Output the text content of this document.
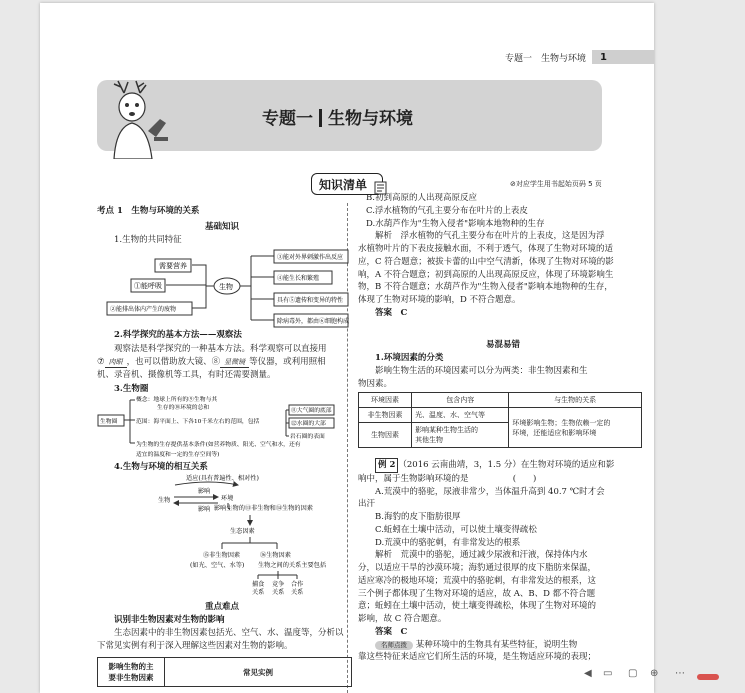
专题一　生物与环境	1
专题一 生物与环境
知识清单	⊘对应学生用书起始页码 5 页
考点 1　生物与环境的关系
基础知识
1.生物的共同特征
需要营养
①能呼吸
②能排出体内产生的废物
生物
③能对外界刺激作出反应
④能生长和繁殖
具有⑤遗传和变异的特性
除病毒外，都由⑥细胞构成
2.科学探究的基本方法——观察法
观察法是科学探究的一种基本方法。科学观察可以直接用
⑦ 肉眼 ，也可以借助放大镜、⑧ 显微镜 等仪器，或利用照相
机、录音机、摄像机等工具，有时还需要测量。
3.生物圈
生物圈
概念：地球上所有的⑨生物与其
生存的⑩环境的总和
范围：海平面上、下各10千米左右的范围，包括
⑪大气圈的底部
⑫水圈的大部
岩石圈的表面
为生物的生存提供基本条件(如营养物质、阳光、空气和水，还有
适宜的温度和一定的生存空间等)
4.生物与环境的相互关系
适应(具有普遍性、相对性)
影响
生物	环境
影响 影响生物的⑬非生物和⑭生物的因素
生态因素
⑮非生物因素
(如光、空气、水等)
⑯生物因素
生物之间的关系主要包括
捕食
关系
竞争
关系
合作
关系
重点难点
识别非生物因素对生物的影响
生态因素中的非生物因素包括光、空气、水、温度等，分析以
下常见实例有利于深入理解这些因素对生物的影响。
影响生物的主
要非生物因素	常见实例
B.初到高原的人出现高原反应
C.浮水植物的气孔主要分布在叶片的上表皮
D.水葫芦作为"生物入侵者"影响本地物种的生存
解析　浮水植物的气孔主要分布在叶片的上表皮，这是因为浮
水植物叶片的下表皮接触水面，不利于透气，体现了生物对环境的适
应，C 符合题意；被拔卡蕾的山中空气清新，体现了生物对环境的影
响，A 不符合题意；初到高原的人出现高原反应，体现了环境影响生
物，B 不符合题意；水葫芦作为"生物入侵者"影响本地物种的生存，
体现了生物对环境的影响，D 不符合题意。
答案　C
易混易错
1.环境因素的分类
影响生物生活的环境因素可以分为两类：非生物因素和生
物因素。
环境因素	包含内容	与生物的关系
非生物因素	光、温度、水、空气等	环境影响生物；生物依赖一定的
环境，还能适应和影响环境
生物因素	影响某种生物生活的
其他生物	
例 2 （2016 云南曲靖，3，1.5 分）在生物对环境的适应和影
响中，属于生物影响环境的是	(　　)
A.荒漠中的骆驼，尿液非常少，当体温升高到 40.7 ℃时才会
出汗
B.海豹的皮下脂肪很厚
C.蚯蚓在土壤中活动，可以使土壤变得疏松
D.荒漠中的骆驼刺，有非常发达的根系
解析　荒漠中的骆驼，通过减少尿液和汗液，保持体内水
分，以适应干旱的沙漠环境；海豹通过很厚的皮下脂肪来保温，
适应寒冷的极地环境；荒漠中的骆驼刺，有非常发达的根系，这
三个例子都体现了生物对环境的适应，故 A、B、D 都不符合题
意；蚯蚓在土壤中活动，使土壤变得疏松，体现了生物对环境的
影响，故 C 符合题意。
答案　C
名师点拨 某种环境中的生物具有某些特征，说明生物
靠这些特征来适应它们所生活的环境，是生物适应环境的表现；
◀ ▭ ▢ ⊕ ⋯
